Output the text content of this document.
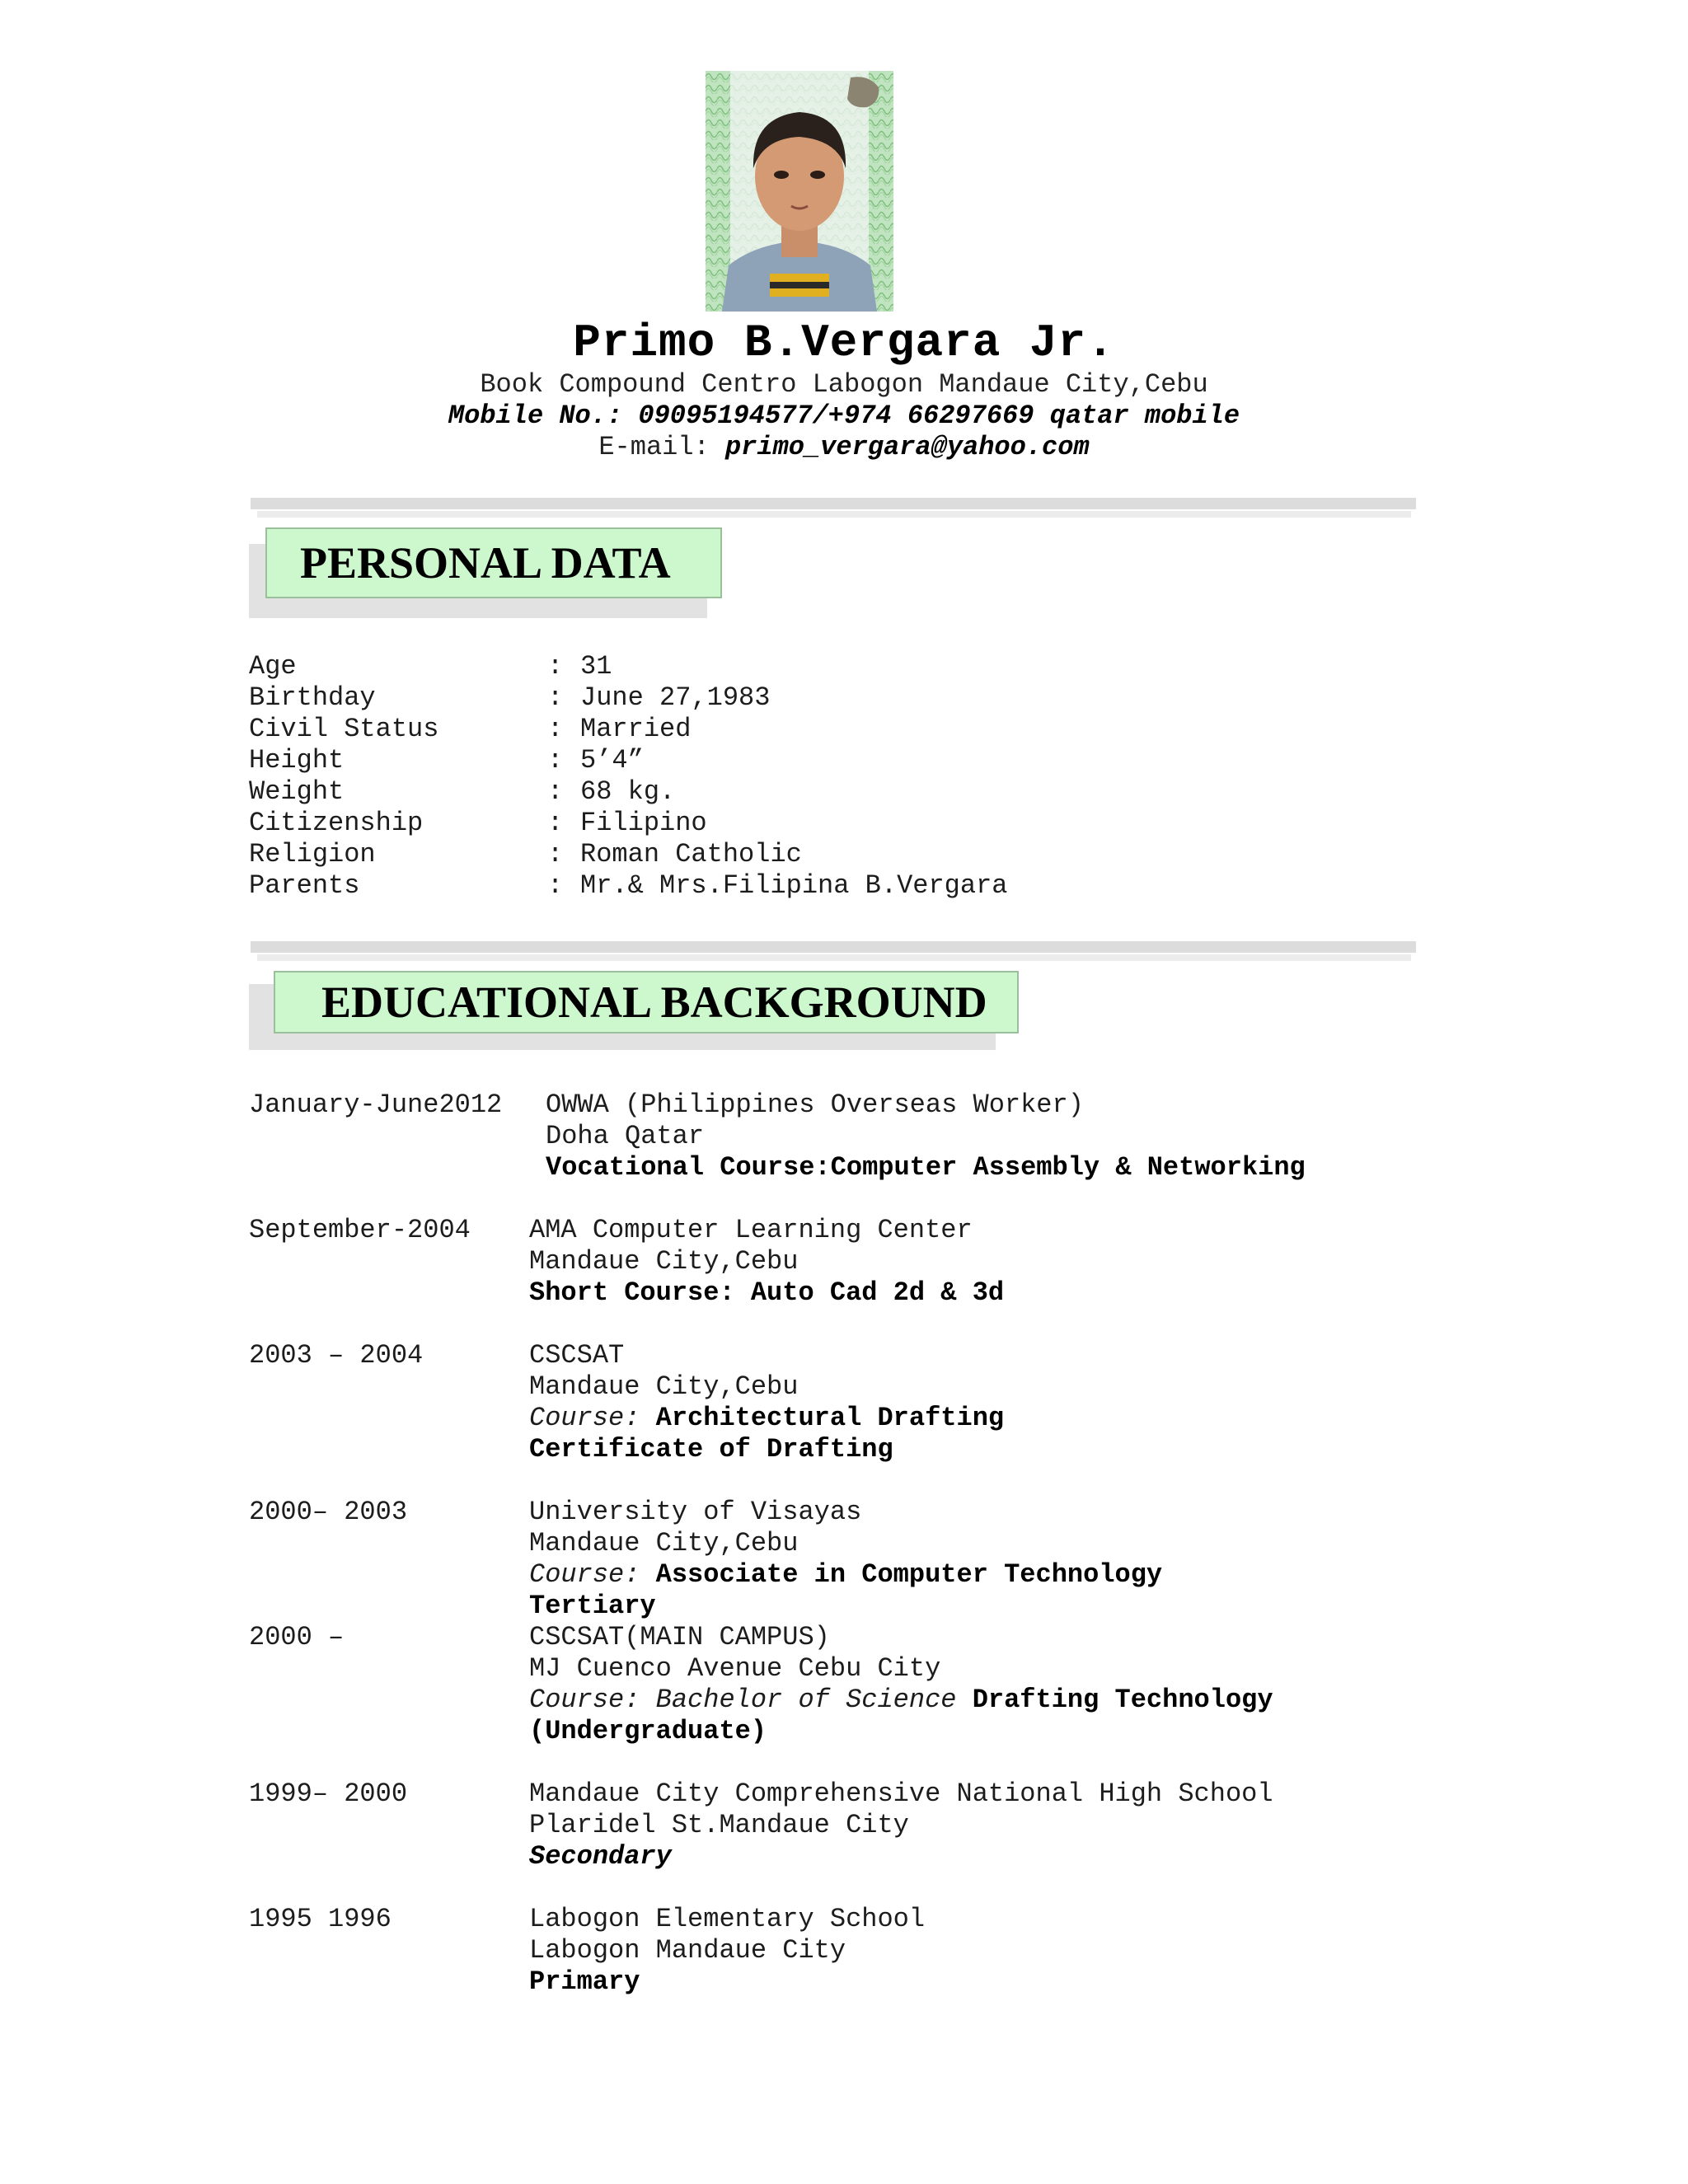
Primo B.Vergara Jr.
Book Compound Centro Labogon Mandaue City,Cebu
Mobile No.: 09095194577/+974 66297669 qatar mobile
E-mail: primo_vergara@yahoo.com
PERSONAL DATA
Age	: 31
Birthday	: June 27,1983
Civil Status	: Married
Height	: 5’4”
Weight	: 68 kg.
Citizenship	: Filipino
Religion	: Roman Catholic
Parents	: Mr.& Mrs.Filipina B.Vergara
EDUCATIONAL BACKGROUND
January-June2012 OWWA (Philippines Overseas Worker)
Doha Qatar
Vocational Course:Computer Assembly & Networking
September-2004 AMA Computer Learning Center
Mandaue City,Cebu
Short Course: Auto Cad 2d & 3d
2003 – 2004	CSCSAT
Mandaue City,Cebu
Course: Architectural Drafting
Certificate of Drafting
2000– 2003	University of Visayas
Mandaue City,Cebu
Course: Associate in Computer Technology
Tertiary
2000 –	CSCSAT(MAIN CAMPUS)
MJ Cuenco Avenue Cebu City
Course: Bachelor of Science Drafting Technology
(Undergraduate)
1999– 2000	Mandaue City Comprehensive National High School
Plaridel St.Mandaue City
Secondary
1995 1996	Labogon Elementary School
Labogon Mandaue City
Primary
